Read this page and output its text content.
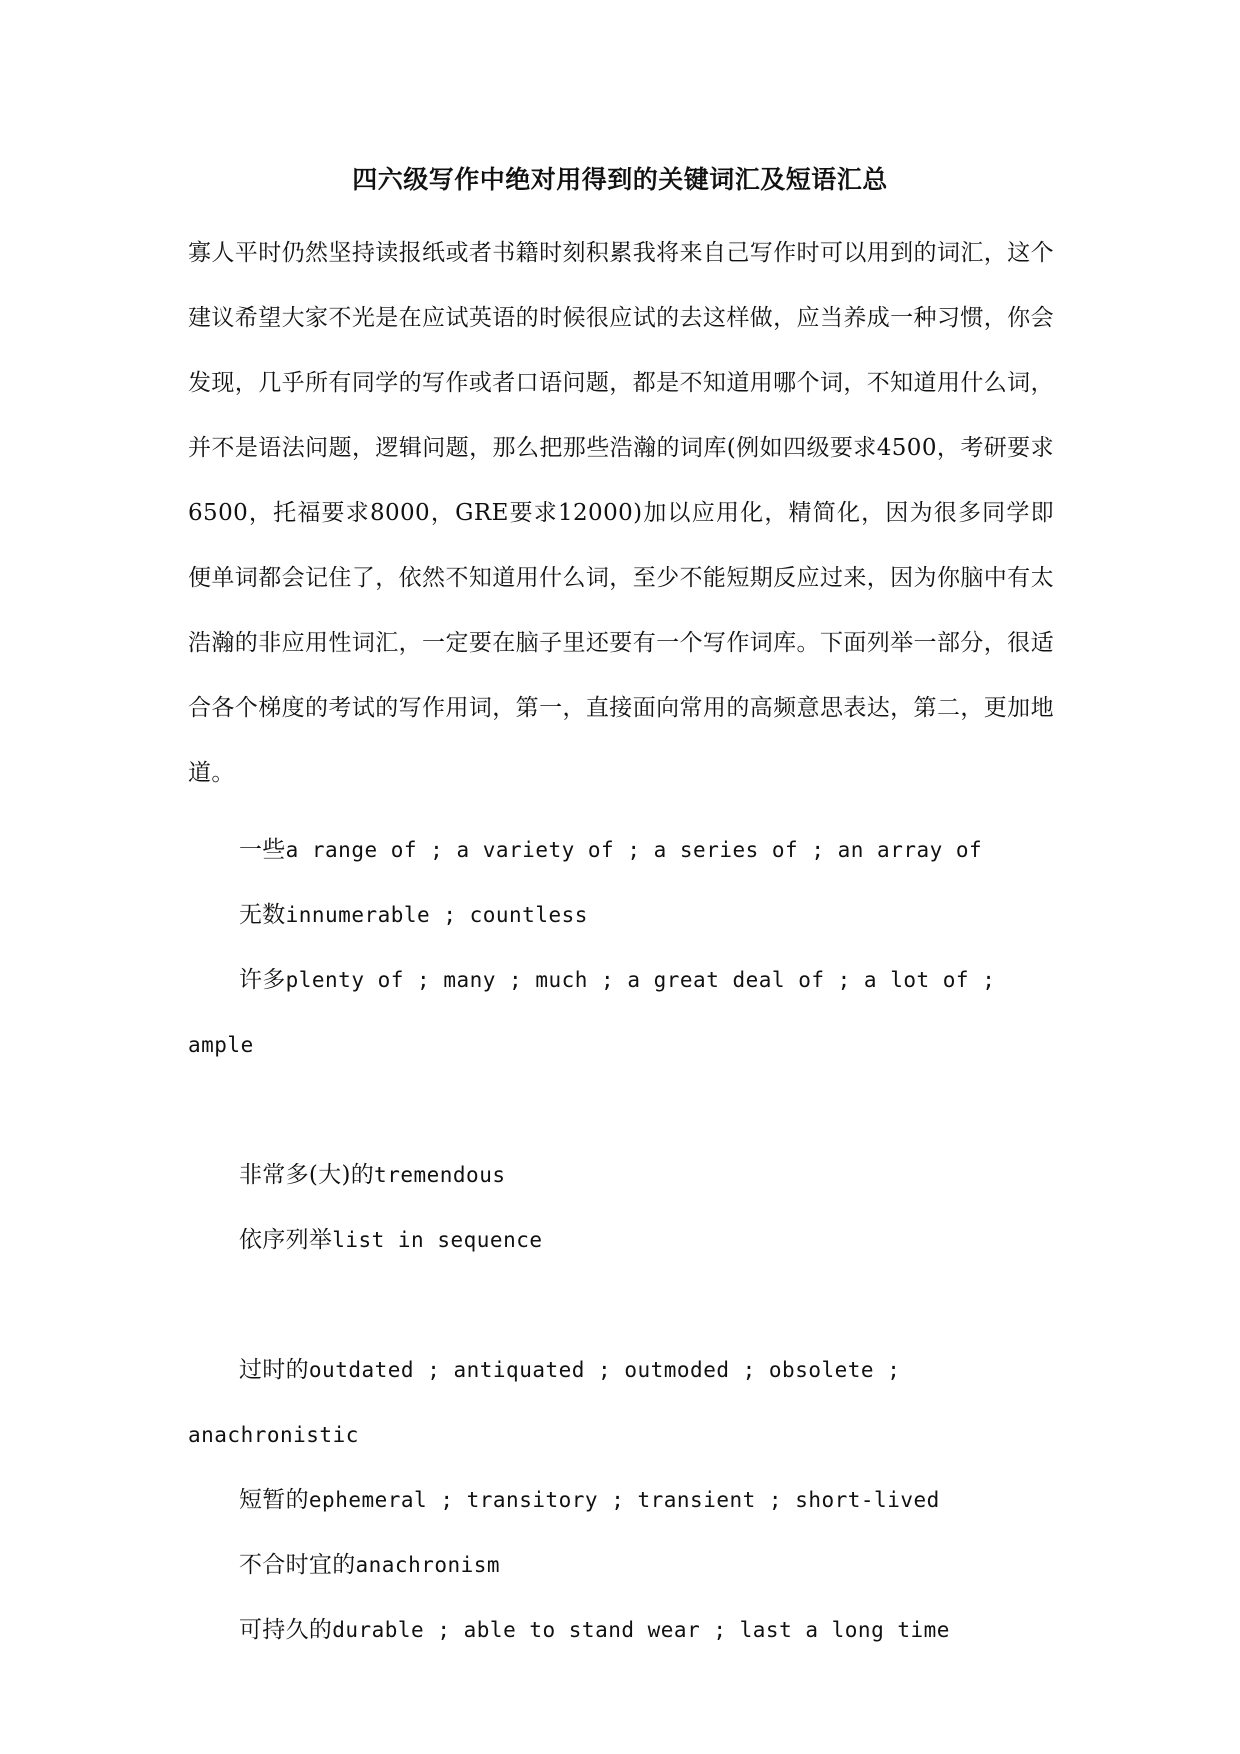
四六级写作中绝对用得到的关键词汇及短语汇总

寡人平时仍然坚持读报纸或者书籍时刻积累我将来自己写作时可以用到的词汇，这个建议希望大家不光是在应试英语的时候很应试的去这样做，应当养成一种习惯，你会发现，几乎所有同学的写作或者口语问题，都是不知道用哪个词，不知道用什么词，并不是语法问题，逻辑问题，那么把那些浩瀚的词库(例如四级要求4500，考研要求6500，托福要求8000，GRE要求12000)加以应用化，精简化，因为很多同学即便单词都会记住了，依然不知道用什么词，至少不能短期反应过来，因为你脑中有太浩瀚的非应用性词汇，一定要在脑子里还要有一个写作词库。下面列举一部分，很适合各个梯度的考试的写作用词，第一，直接面向常用的高频意思表达，第二，更加地道。

一些a range of ; a variety of ; a series of ; an array of
无数innumerable ; countless
许多plenty of ; many ; much ; a great deal of ; a lot of ; ample
非常多(大)的tremendous
依序列举list in sequence
过时的outdated ; antiquated ; outmoded ; obsolete ; anachronistic
短暂的ephemeral ; transitory ; transient ; short-lived
不合时宜的anachronism
可持久的durable ; able to stand wear ; last a long time
